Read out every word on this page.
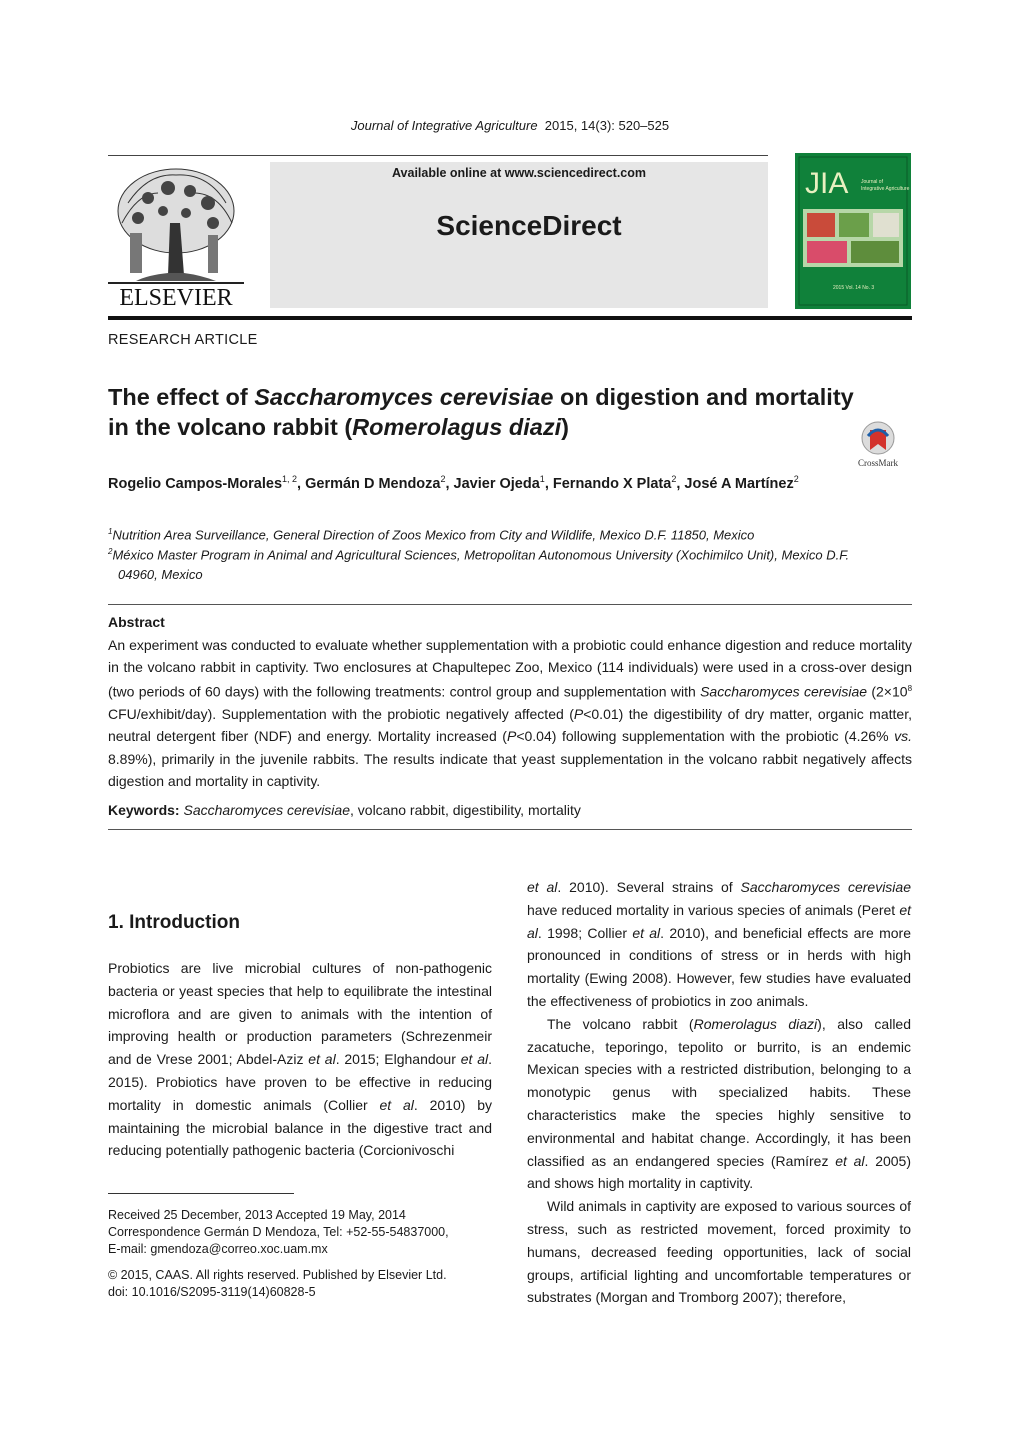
Journal of Integrative Agriculture 2015, 14(3): 520–525
ELSEVIER
Available online at www.sciencedirect.com
ScienceDirect
JIA	Journal of
Integrative Agriculture
2015 Vol. 14 No. 3
RESEARCH ARTICLE
The effect of Saccharomyces cerevisiae on digestion and mortality
in the volcano rabbit (Romerolagus diazi)
CrossMark
Rogelio Campos-Morales$^{1, 2}$, Germán D Mendoza$^2$, Javier Ojeda$^1$, Fernando X Plata$^2$, José A Martínez$^2$
$^1$Nutrition Area Surveillance, General Direction of Zoos Mexico from City and Wildlife, Mexico D.F. 11850, Mexico
$^2$México Master Program in Animal and Agricultural Sciences, Metropolitan Autonomous University (Xochimilco Unit), Mexico D.F.
04960, Mexico
Abstract
An experiment was conducted to evaluate whether supplementation with a probiotic could enhance digestion and reduce mortality in the volcano rabbit in captivity. Two enclosures at Chapultepec Zoo, Mexico (114 individuals) were used in a cross-over design (two periods of 60 days) with the following treatments: control group and supplementation with Saccharomyces cerevisiae ($2\times 10^8$ CFU/exhibit/day). Supplementation with the probiotic negatively affected (P<0.01) the digestibility of dry matter, organic matter, neutral detergent fiber (NDF) and energy. Mortality increased (P<0.04) following supplementation with the probiotic (4.26% vs. 8.89%), primarily in the juvenile rabbits. The results indicate that yeast supplementation in the volcano rabbit negatively affects digestion and mortality in captivity.
Keywords: Saccharomyces cerevisiae, volcano rabbit, digestibility, mortality
1. Introduction

Probiotics are live microbial cultures of non-pathogenic bacteria or yeast species that help to equilibrate the intestinal microflora and are given to animals with the intention of improving health or production parameters (Schrezenmeir and de Vrese 2001; Abdel-Aziz et al. 2015; Elghandour et al. 2015). Probiotics have proven to be effective in reducing mortality in domestic animals (Collier et al. 2010) by maintaining the microbial balance in the digestive tract and reducing potentially pathogenic bacteria (Corcionivoschi

et al. 2010). Several strains of Saccharomyces cerevisiae have reduced mortality in various species of animals (Peret et al. 1998; Collier et al. 2010), and beneficial effects are more pronounced in conditions of stress or in herds with high mortality (Ewing 2008). However, few studies have evaluated the effectiveness of probiotics in zoo animals.

The volcano rabbit (Romerolagus diazi), also called zacatuche, teporingo, tepolito or burrito, is an endemic Mexican species with a restricted distribution, belonging to a monotypic genus with specialized habits. These characteristics make the species highly sensitive to environmental and habitat change. Accordingly, it has been classified as an endangered species (Ramírez et al. 2005) and shows high mortality in captivity.

Wild animals in captivity are exposed to various sources of stress, such as restricted movement, forced proximity to humans, decreased feeding opportunities, lack of social groups, artificial lighting and uncomfortable temperatures or substrates (Morgan and Tromborg 2007); therefore,

Received 25 December, 2013 Accepted 19 May, 2014
Correspondence Germán D Mendoza, Tel: +52-55-54837000,
E-mail: gmendoza@correo.xoc.uam.mx
© 2015, CAAS. All rights reserved. Published by Elsevier Ltd.
doi: 10.1016/S2095-3119(14)60828-5
